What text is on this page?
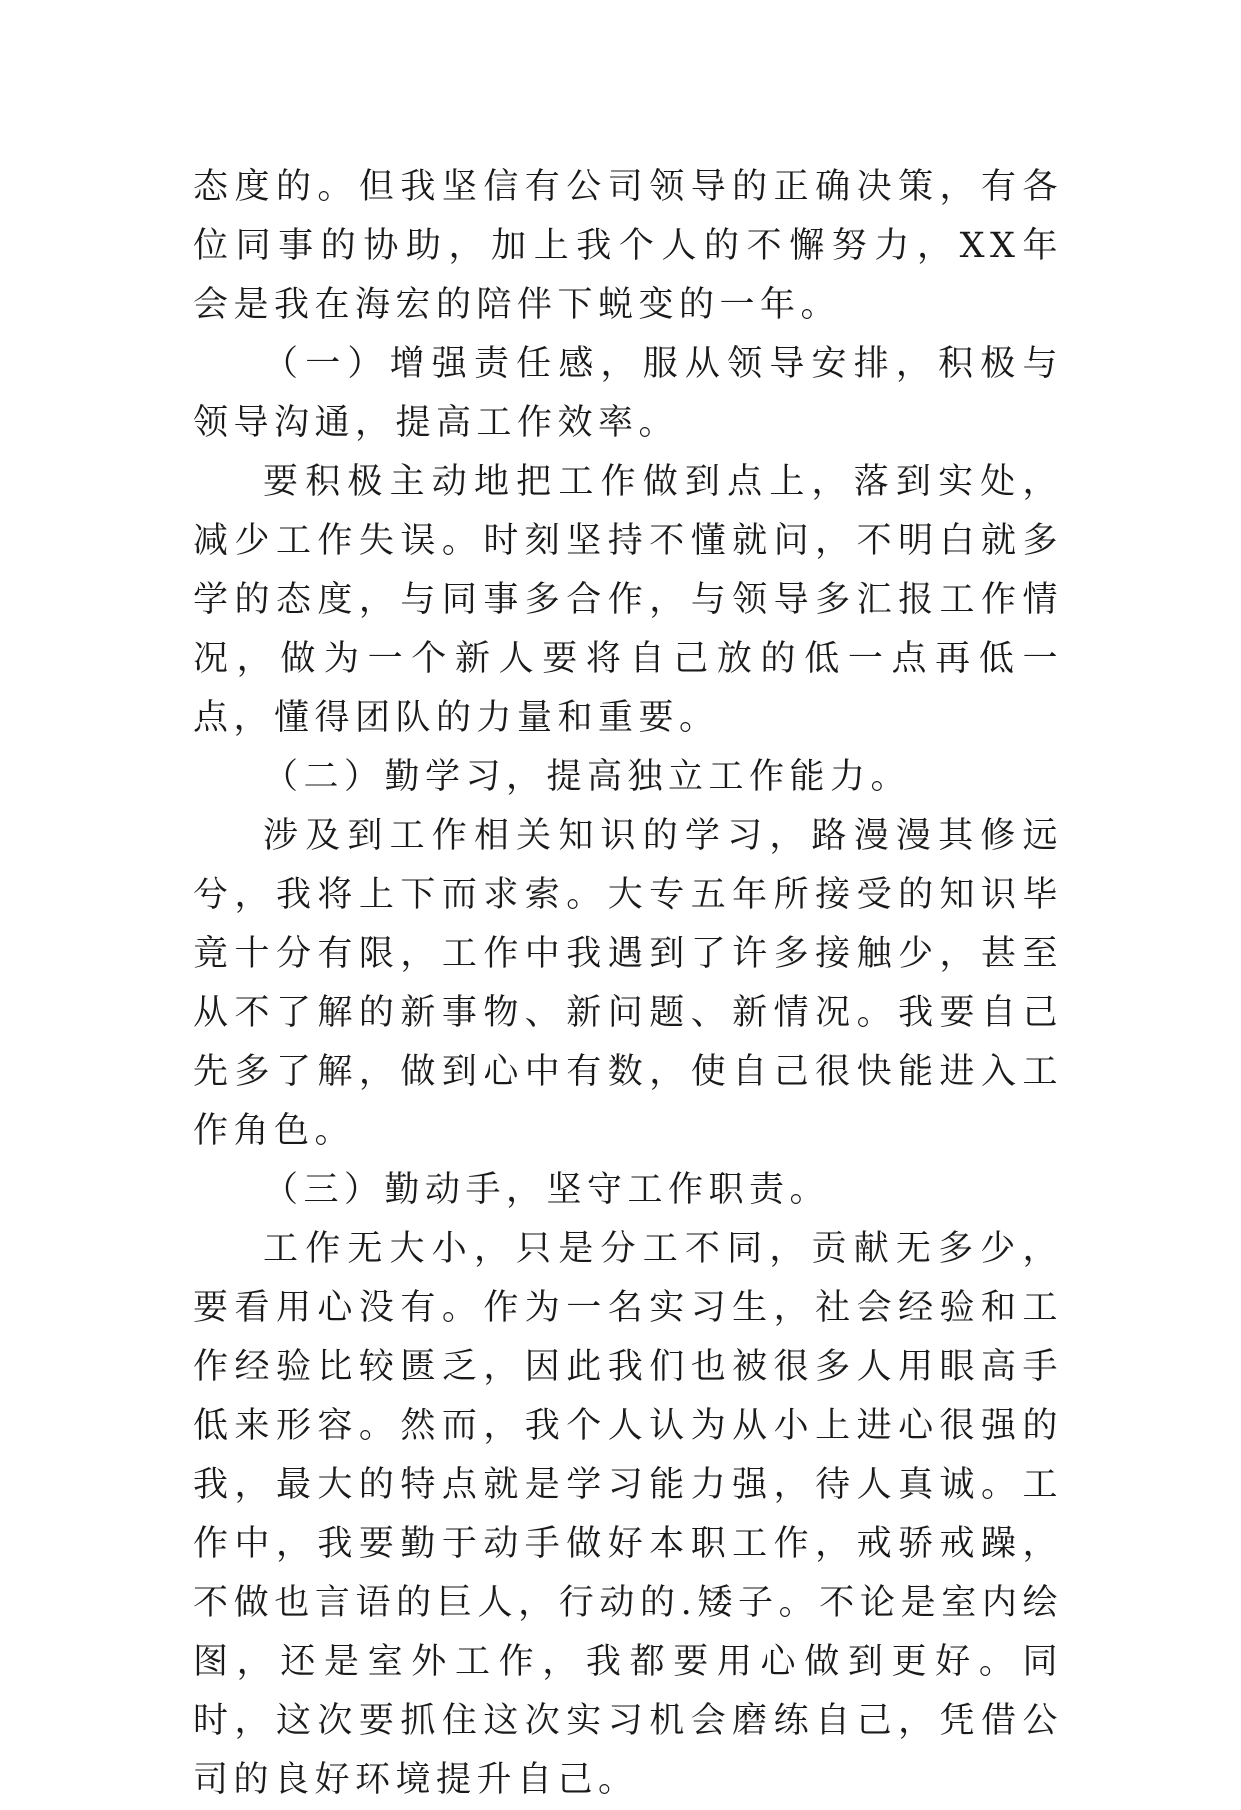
态度的。但我坚信有公司领导的正确决策，有各位同事的协助，加上我个人的不懈努力，XX年会是我在海宏的陪伴下蜕变的一年。

（一）增强责任感，服从领导安排，积极与领导沟通，提高工作效率。

要积极主动地把工作做到点上，落到实处，减少工作失误。时刻坚持不懂就问，不明白就多学的态度，与同事多合作，与领导多汇报工作情况，做为一个新人要将自己放的低一点再低一点，懂得团队的力量和重要。

（二）勤学习，提高独立工作能力。

涉及到工作相关知识的学习，路漫漫其修远兮，我将上下而求索。大专五年所接受的知识毕竟十分有限，工作中我遇到了许多接触少，甚至从不了解的新事物、新问题、新情况。我要自己先多了解，做到心中有数，使自己很快能进入工作角色。

（三）勤动手，坚守工作职责。

工作无大小，只是分工不同，贡献无多少，要看用心没有。作为一名实习生，社会经验和工作经验比较匮乏，因此我们也被很多人用眼高手低来形容。然而，我个人认为从小上进心很强的我，最大的特点就是学习能力强，待人真诚。工作中，我要勤于动手做好本职工作，戒骄戒躁，不做也言语的巨人，行动的.矮子。不论是室内绘图，还是室外工作，我都要用心做到更好。同时，这次要抓住这次实习机会磨练自己，凭借公司的良好环境提升自己。
